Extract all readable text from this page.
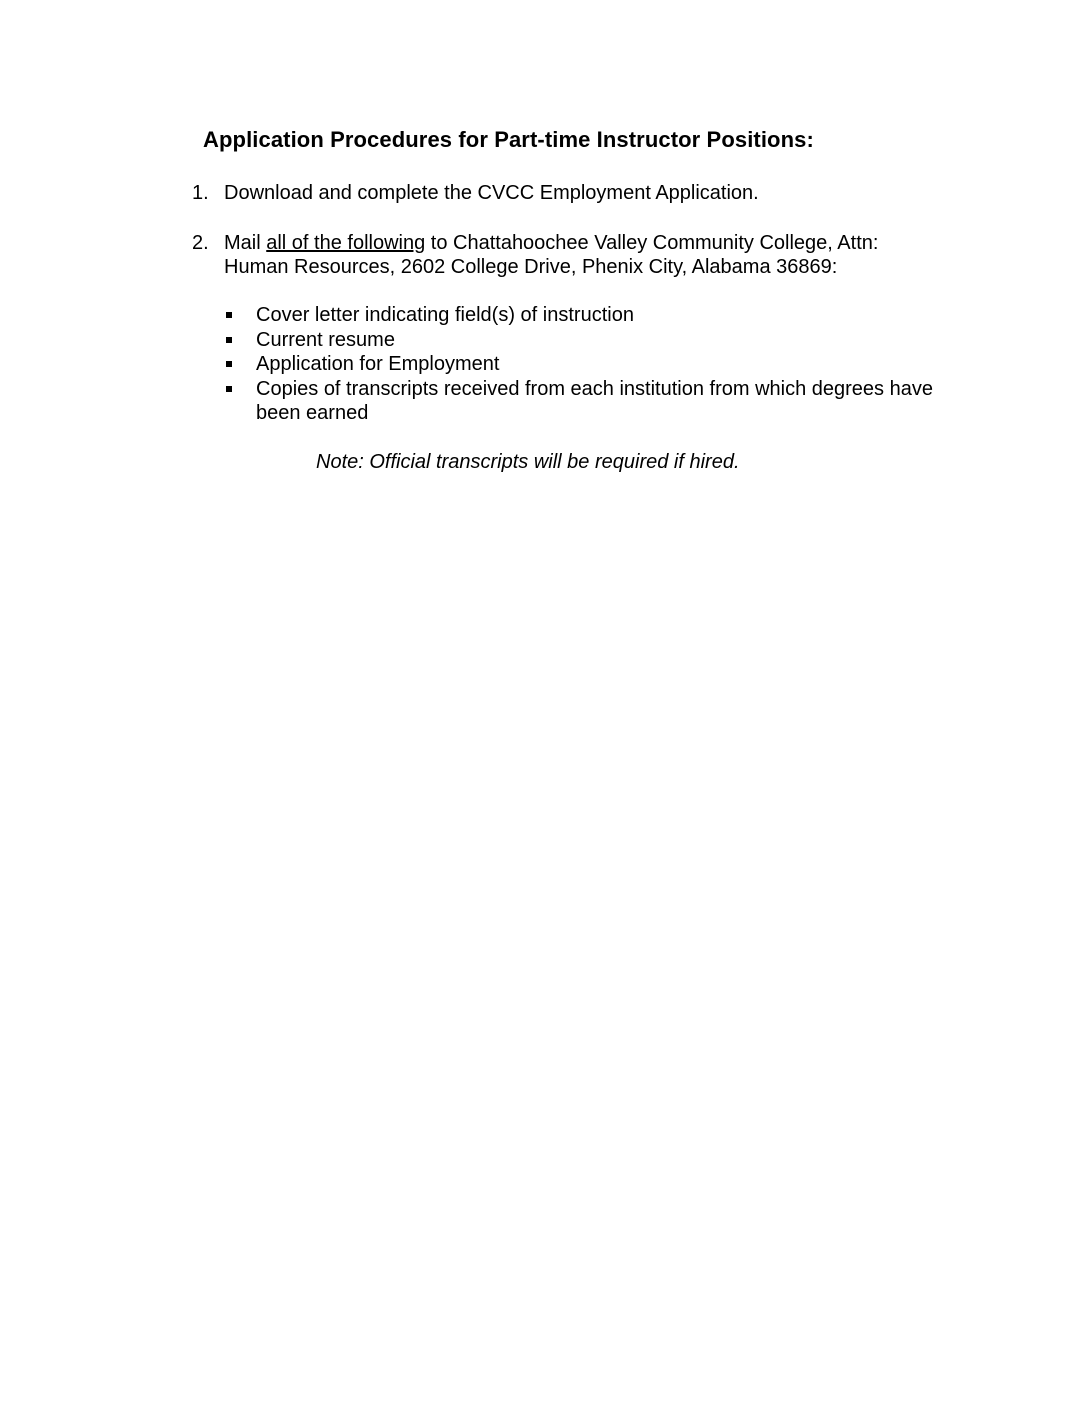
Application Procedures for Part-time Instructor Positions:
1. Download and complete the CVCC Employment Application.
2. Mail all of the following to Chattahoochee Valley Community College, Attn:
Human Resources, 2602 College Drive, Phenix City, Alabama 36869:
Cover letter indicating field(s) of instruction
Current resume
Application for Employment
Copies of transcripts received from each institution from which degrees have been earned
Note: Official transcripts will be required if hired.
